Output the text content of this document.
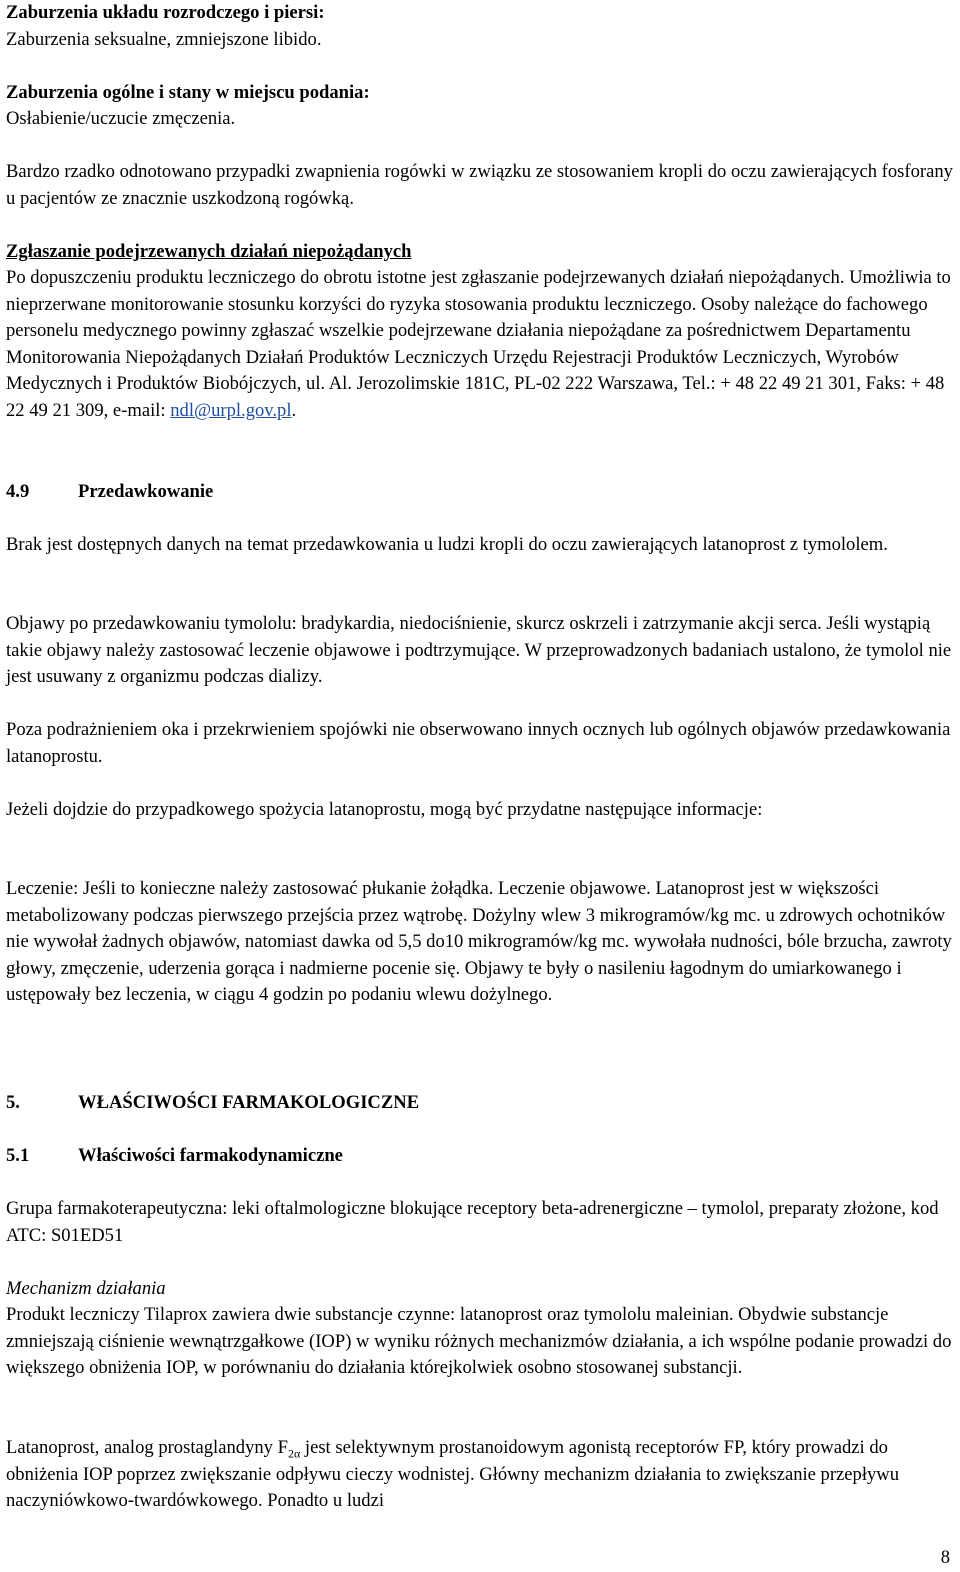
Zaburzenia układu rozrodczego i piersi:

Zaburzenia seksualne, zmniejszone libido.

Zaburzenia ogólne i stany w miejscu podania:

Osłabienie/uczucie zmęczenia.

Bardzo rzadko odnotowano przypadki zwapnienia rogówki w związku ze stosowaniem kropli do oczu zawierających fosforany u pacjentów ze znacznie uszkodzoną rogówką.

Zgłaszanie podejrzewanych działań niepożądanych

Po dopuszczeniu produktu leczniczego do obrotu istotne jest zgłaszanie podejrzewanych działań niepożądanych. Umożliwia to nieprzerwane monitorowanie stosunku korzyści do ryzyka stosowania produktu leczniczego. Osoby należące do fachowego personelu medycznego powinny zgłaszać wszelkie podejrzewane działania niepożądane za pośrednictwem Departamentu Monitorowania Niepożądanych Działań Produktów Leczniczych Urzędu Rejestracji Produktów Leczniczych, Wyrobów Medycznych i Produktów Biobójczych, ul. Al. Jerozolimskie 181C, PL-02 222 Warszawa, Tel.: + 48 22 49 21 301, Faks: + 48 22 49 21 309, e-mail: ndl@urpl.gov.pl.

4.9	Przedawkowanie

Brak jest dostępnych danych na temat przedawkowania u ludzi kropli do oczu zawierających latanoprost z tymololem.

Objawy po przedawkowaniu tymololu: bradykardia, niedociśnienie, skurcz oskrzeli i zatrzymanie akcji serca. Jeśli wystąpią takie objawy należy zastosować leczenie objawowe i podtrzymujące. W przeprowadzonych badaniach ustalono, że tymolol nie jest usuwany z organizmu podczas dializy.

Poza podrażnieniem oka i przekrwieniem spojówki nie obserwowano innych ocznych lub ogólnych objawów przedawkowania latanoprostu.

Jeżeli dojdzie do przypadkowego spożycia latanoprostu, mogą być przydatne następujące informacje:

Leczenie: Jeśli to konieczne należy zastosować płukanie żołądka. Leczenie objawowe. Latanoprost jest w większości metabolizowany podczas pierwszego przejścia przez wątrobę. Dożylny wlew 3 mikrogramów/kg mc. u zdrowych ochotników nie wywołał żadnych objawów, natomiast dawka od 5,5 do10 mikrogramów/kg mc. wywołała nudności, bóle brzucha, zawroty głowy, zmęczenie, uderzenia gorąca i nadmierne pocenie się. Objawy te były o nasileniu łagodnym do umiarkowanego i ustępowały bez leczenia, w ciągu 4 godzin po podaniu wlewu dożylnego.

5.	WŁAŚCIWOŚCI FARMAKOLOGICZNE
5.1	Właściwości farmakodynamiczne

Grupa farmakoterapeutyczna: leki oftalmologiczne blokujące receptory beta-adrenergiczne – tymolol, preparaty złożone, kod ATC: S01ED51

Mechanizm działania

Produkt leczniczy Tilaprox zawiera dwie substancje czynne: latanoprost oraz tymololu maleinian. Obydwie substancje zmniejszają ciśnienie wewnątrzgałkowe (IOP) w wyniku różnych mechanizmów działania, a ich wspólne podanie prowadzi do większego obniżenia IOP, w porównaniu do działania którejkolwiek osobno stosowanej substancji.

Latanoprost, analog prostaglandyny $F_{2\alpha}$ jest selektywnym prostanoidowym agonistą receptorów FP, który prowadzi do obniżenia IOP poprzez zwiększanie odpływu cieczy wodnistej. Główny mechanizm działania to zwiększanie przepływu naczyniówkowo-twardówkowego. Ponadto u ludzi

8
